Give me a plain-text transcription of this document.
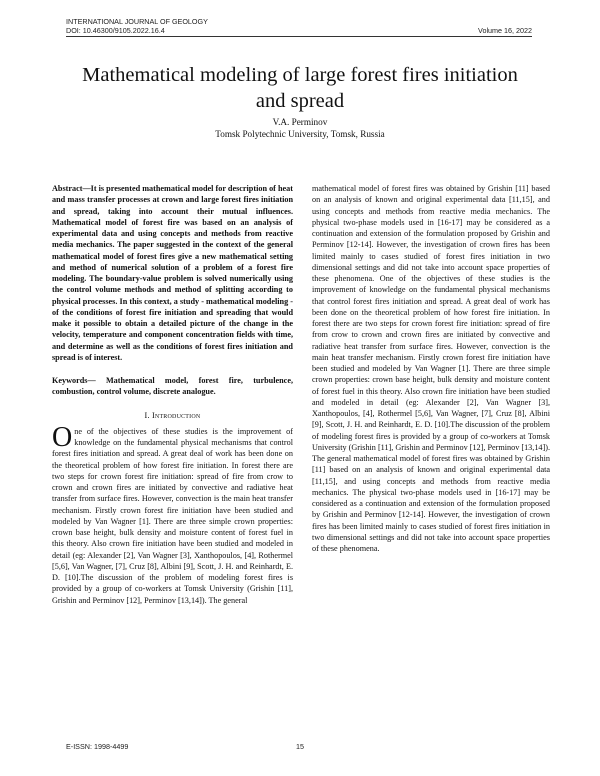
INTERNATIONAL JOURNAL OF GEOLOGY
DOI: 10.46300/9105.2022.16.4	Volume 16, 2022
Mathematical modeling of large forest fires initiation and spread
V.A. Perminov
Tomsk Polytechnic University, Tomsk, Russia

Abstract—It is presented mathematical model for description of heat and mass transfer processes at crown and large forest fires initiation and spread, taking into account their mutual influences. Mathematical model of forest fire was based on an analysis of experimental data and using concepts and methods from reactive media mechanics. The paper suggested in the context of the general mathematical model of forest fires give a new mathematical setting and method of numerical solution of a problem of a forest fire modeling. The boundary-value problem is solved numerically using the control volume methods and method of splitting according to physical processes. In this context, a study - mathematical modeling - of the conditions of forest fire initiation and spreading that would make it possible to obtain a detailed picture of the change in the velocity, temperature and component concentration fields with time, and determine as well as the conditions of forest fires initiation and spread is of interest.

Keywords— Mathematical model, forest fire, turbulence, combustion, control volume, discrete analogue.

I. Introduction

One of the objectives of these studies is the improvement of knowledge on the fundamental physical mechanisms that control forest fires initiation and spread. A great deal of work has been done on the theoretical problem of how forest fire initiation. In forest there are two steps for crown forest fire initiation: spread of fire from crow to crown and crown fires are initiated by convective and radiative heat transfer from surface fires. However, convection is the main heat transfer mechanism. Firstly crown forest fire initiation have been studied and modeled by Van Wagner [1]. There are three simple crown properties: crown base height, bulk density and moisture content of forest fuel in this theory. Also crown fire initiation have been studied and modeled in detail (eg: Alexander [2], Van Wagner [3], Xanthopoulos, [4], Rothermel [5,6], Van Wagner, [7], Cruz [8], Albini [9], Scott, J. H. and Reinhardt, E. D. [10].The discussion of the problem of modeling forest fires is provided by a group of co-workers at Tomsk University (Grishin [11], Grishin and Perminov [12], Perminov [13,14]). The general

mathematical model of forest fires was obtained by Grishin [11] based on an analysis of known and original experimental data [11,15], and using concepts and methods from reactive media mechanics. The physical two-phase models used in [16-17] may be considered as a continuation and extension of the formulation proposed by Grishin and Perminov [12-14]. However, the investigation of crown fires has been limited mainly to cases studied of forest fires initiation in two dimensional settings and did not take into account space properties of these phenomena. One of the objectives of these studies is the improvement of knowledge on the fundamental physical mechanisms that control forest fires initiation and spread. A great deal of work has been done on the theoretical problem of how forest fire initiation. In forest there are two steps for crown forest fire initiation: spread of fire from crow to crown and crown fires are initiated by convective and radiative heat transfer from surface fires. However, convection is the main heat transfer mechanism. Firstly crown forest fire initiation have been studied and modeled by Van Wagner [1]. There are three simple crown properties: crown base height, bulk density and moisture content of forest fuel in this theory. Also crown fire initiation have been studied and modeled in detail (eg: Alexander [2], Van Wagner [3], Xanthopoulos, [4], Rothermel [5,6], Van Wagner, [7], Cruz [8], Albini [9], Scott, J. H. and Reinhardt, E. D. [10].The discussion of the problem of modeling forest fires is provided by a group of co-workers at Tomsk University (Grishin [11], Grishin and Perminov [12], Perminov [13,14]). The general mathematical model of forest fires was obtained by Grishin [11] based on an analysis of known and original experimental data [11,15], and using concepts and methods from reactive media mechanics. The physical two-phase models used in [16-17] may be considered as a continuation and extension of the formulation proposed by Grishin and Perminov [12-14]. However, the investigation of crown fires has been limited mainly to cases studied of forest fires initiation in two dimensional settings and did not take into account space properties of these phenomena.

E-ISSN: 1998-4499	15
